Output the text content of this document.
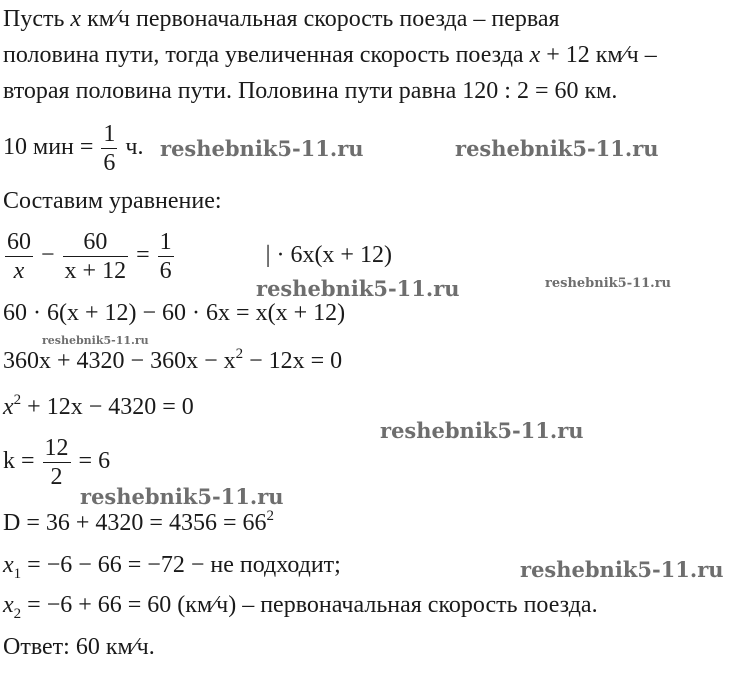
Пусть x км⁄ч первоначальная скорость поезда – первая
половина пути, тогда увеличенная скорость поезда x + 12 км⁄ч –
вторая половина пути. Половина пути равна 120 : 2 = 60 км.
10 мин = $\frac{1}{6} ч$.
Составим уравнение:
$\frac{60}{x} - \frac{60}{x + 12} = \frac{1}{6}$	| · 6x(x + 12)
60 · 6(x + 12) − 60 · 6x = x(x + 12)
$360x + 4320 - 360x - x^2 - 12x = 0$
$x^2 + 12x - 4320 = 0$
$k = \frac{12}{2} = 6$
$D = 36 + 4320 = 4356 = 66^2$
$x_1 = -6 - 66 = -72$ − не подходит;
$x_2 = -6 + 66 = 60$ (км⁄ч) – первоначальная скорость поезда.
Ответ: 60 км⁄ч.
reshebnik5-11.ru	reshebnik5-11.ru
reshebnik5-11.ru	reshebnik5-11.ru
reshebnik5-11.ru
reshebnik5-11.ru
reshebnik5-11.ru
reshebnik5-11.ru
